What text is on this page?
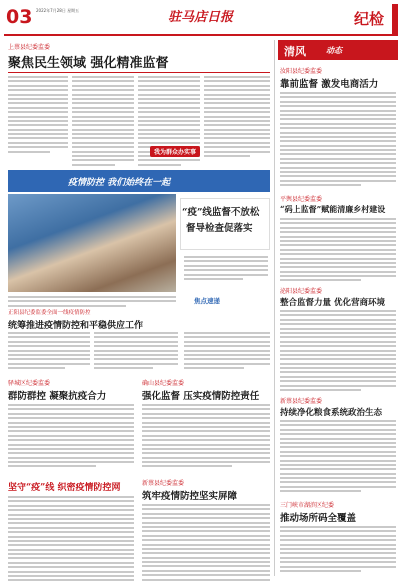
03 2022年7月28日 星期五	驻马店日报	纪检
上蔡县纪委监委
聚焦民生领域 强化精准监督
我为群众办实事
疫情防控 我们始终在一起
“疫”线监督不放松
督导检查促落实
焦点速递
正阳县纪委监委全面一线疫情防控
统筹推进疫情防控和平稳供应工作
驿城区纪委监委
群防群控 凝聚抗疫合力
确山县纪委监委
强化监督 压实疫情防控责任
新蔡县纪委监委
筑牢疫情防控坚实屏障
坚守“疫”线 织密疫情防控网
清风	动态
汝阳县纪委监委
靠前监督 激发电商活力
平舆县纪委监委
“码上监督”赋能清廉乡村建设
泌阳县纪委监委
整合监督力量 优化营商环境
新蔡县纪委监委
持续净化粮食系统政治生态
三门峡市湖滨区纪委
推动场所码全覆盖
